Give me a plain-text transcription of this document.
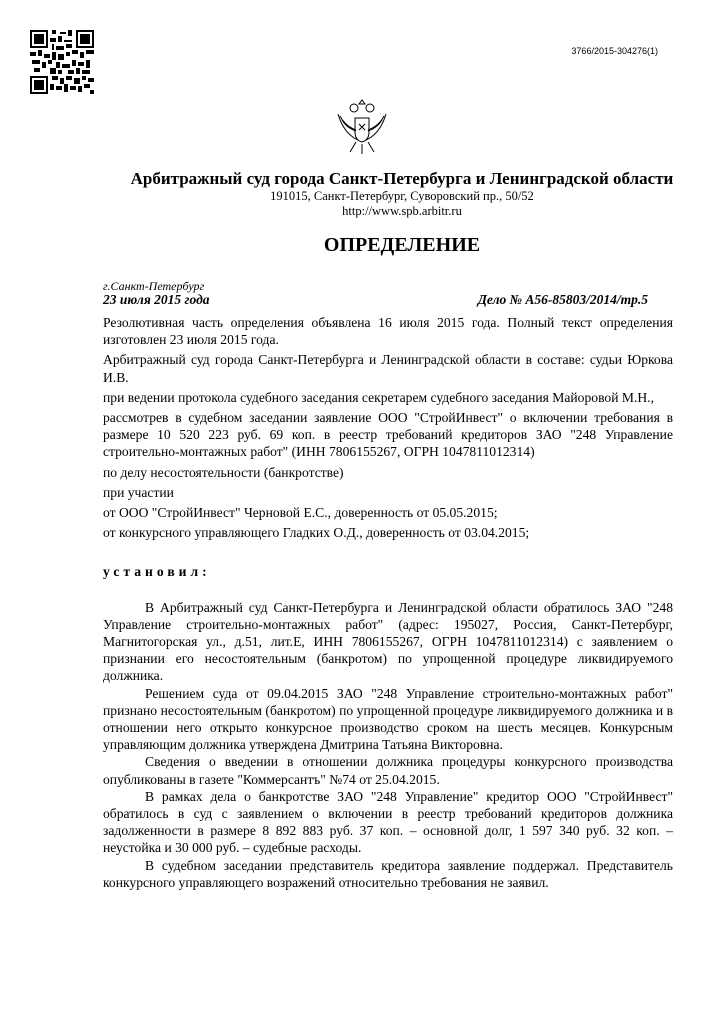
3766/2015-304276(1)
Арбитражный суд города Санкт-Петербурга и Ленинградской области
191015, Санкт-Петербург, Суворовский пр., 50/52
http://www.spb.arbitr.ru
ОПРЕДЕЛЕНИЕ
г.Санкт-Петербург
23 июля 2015 года	Дело № А56-85803/2014/тр.5

Резолютивная часть определения объявлена 16 июля 2015 года. Полный текст определения изготовлен 23 июля 2015 года.

Арбитражный суд города Санкт-Петербурга и Ленинградской области в составе: судьи Юркова И.В.

при ведении протокола судебного заседания секретарем судебного заседания Майоровой М.Н.,

рассмотрев в судебном заседании заявление ООО "СтройИнвест" о включении требования в размере 10 520 223 руб. 69 коп. в реестр требований кредиторов ЗАО "248 Управление строительно-монтажных работ" (ИНН 7806155267, ОГРН 1047811012314)

по делу несостоятельности (банкротстве)

при участии

от ООО "СтройИнвест" Черновой Е.С., доверенность от 05.05.2015;

от конкурсного управляющего Гладких О.Д., доверенность от 03.04.2015;

установил:

В Арбитражный суд Санкт-Петербурга и Ленинградской области обратилось ЗАО "248 Управление строительно-монтажных работ" (адрес: 195027, Россия, Санкт-Петербург, Магнитогорская ул., д.51, лит.Е, ИНН 7806155267, ОГРН 1047811012314) с заявлением о признании его несостоятельным (банкротом) по упрощенной процедуре ликвидируемого должника.

Решением суда от 09.04.2015 ЗАО "248 Управление строительно-монтажных работ" признано несостоятельным (банкротом) по упрощенной процедуре ликвидируемого должника и в отношении него открыто конкурсное производство сроком на шесть месяцев. Конкурсным управляющим должника утверждена Дмитрина Татьяна Викторовна.

Сведения о введении в отношении должника процедуры конкурсного производства опубликованы в газете "Коммерсантъ" №74 от 25.04.2015.

В рамках дела о банкротстве ЗАО "248 Управление" кредитор ООО "СтройИнвест" обратилось в суд с заявлением о включении в реестр требований кредиторов должника задолженности в размере 8 892 883 руб. 37 коп. – основной долг, 1 597 340 руб. 32 коп. – неустойка и 30 000 руб. – судебные расходы.

В судебном заседании представитель кредитора заявление поддержал. Представитель конкурсного управляющего возражений относительно требования не заявил.
